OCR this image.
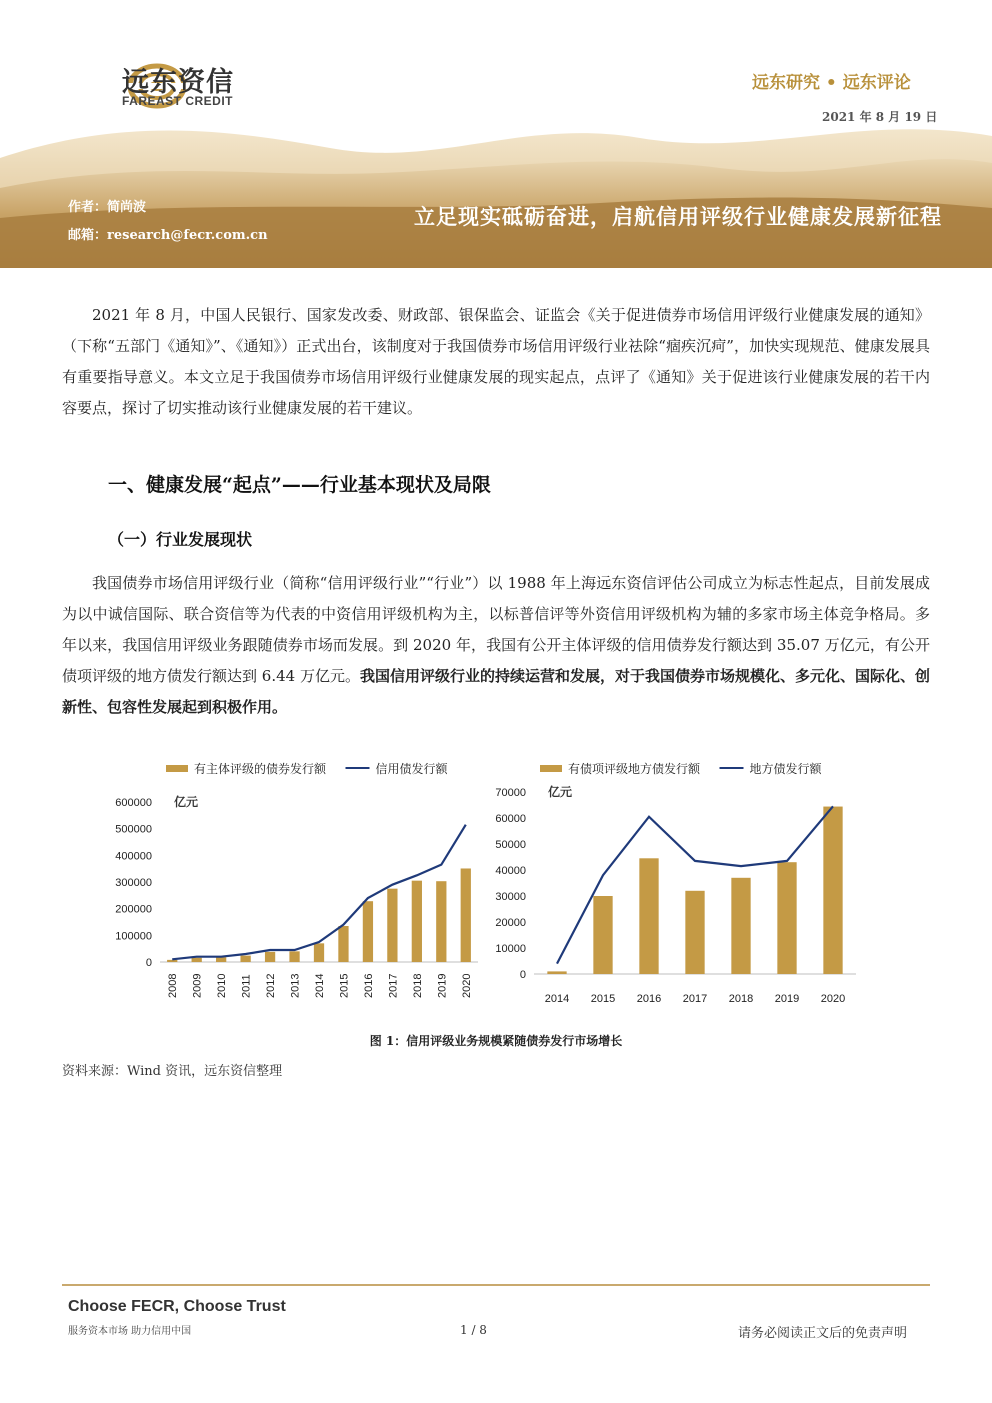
远东资信
FAREAST CREDIT
远东研究 • 远东评论
2021 年 8 月 19 日
作者：简尚波
邮箱：research@fecr.com.cn
立足现实砥砺奋进，启航信用评级行业健康发展新征程

2021 年 8 月，中国人民银行、国家发改委、财政部、银保监会、证监会《关于促进债券市场信用评级行业健康发展的通知》（下称“五部门《通知》”、《通知》）正式出台，该制度对于我国债券市场信用评级行业祛除“痼疾沉疴”，加快实现规范、健康发展具有重要指导意义。本文立足于我国债券市场信用评级行业健康发展的现实起点，点评了《通知》关于促进该行业健康发展的若干内容要点，探讨了切实推动该行业健康发展的若干建议。

一、健康发展“起点”——行业基本现状及局限
（一）行业发展现状

我国债券市场信用评级行业（简称“信用评级行业”“行业”）以 1988 年上海远东资信评估公司成立为标志性起点，目前发展成为以中诚信国际、联合资信等为代表的中资信用评级机构为主，以标普信评等外资信用评级机构为辅的多家市场主体竞争格局。多年以来，我国信用评级业务跟随债券市场而发展。到 2020 年，我国有公开主体评级的信用债券发行额达到 35.07 万亿元，有公开债项评级的地方债发行额达到 6.44 万亿元。我国信用评级行业的持续运营和发展，对于我国债券市场规模化、多元化、国际化、创新性、包容性发展起到积极作用。

有主体评级的债券发行额	信用债发行额
亿元
0
100000
200000
300000
400000
500000
600000
2008 2009 2010 2011 2012 2013 2014 2015 2016 2017 2018 2019 2020
有债项评级地方债发行额	地方债发行额
亿元
0
10000
20000
30000
40000
50000
60000
70000
2014 2015 2016 2017 2018 2019 2020
图 1：信用评级业务规模紧随债券发行市场增长
资料来源：Wind 资讯，远东资信整理
Choose FECR, Choose Trust
服务资本市场 助力信用中国	1 / 8	请务必阅读正文后的免责声明
